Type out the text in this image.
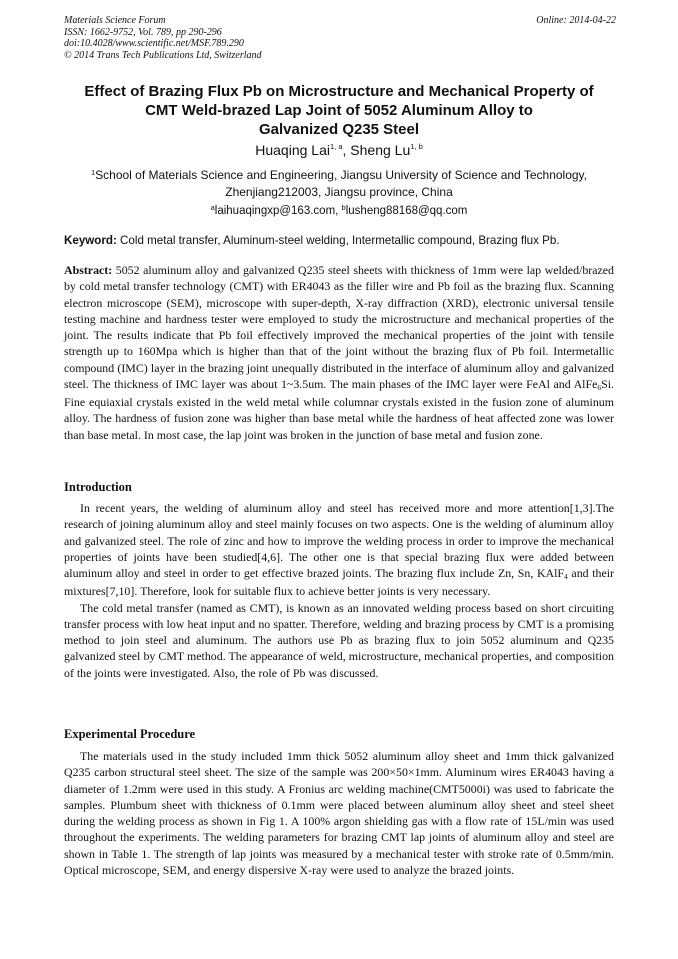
Materials Science Forum
ISSN: 1662-9752, Vol. 789, pp 290-296
doi:10.4028/www.scientific.net/MSF.789.290
© 2014 Trans Tech Publications Ltd, Switzerland
Online: 2014-04-22
Effect of Brazing Flux Pb on Microstructure and Mechanical Property of
CMT Weld-brazed Lap Joint of 5052 Aluminum Alloy to
Galvanized Q235 Steel
Huaqing Lai$^{1, a}$, Sheng Lu$^{1, b}$
$^1$School of Materials Science and Engineering, Jiangsu University of Science and Technology,
Zhenjiang212003, Jiangsu province, China
$^a$laihuaqingxp@163.com, $^b$lusheng88168@qq.com
Keyword: Cold metal transfer, Aluminum-steel welding, Intermetallic compound, Brazing flux Pb.
Abstract: 5052 aluminum alloy and galvanized Q235 steel sheets with thickness of 1mm were lap welded/brazed by cold metal transfer technology (CMT) with ER4043 as the filler wire and Pb foil as the brazing flux. Scanning electron microscope (SEM), microscope with super-depth, X-ray diffraction (XRD), electronic universal tensile testing machine and hardness tester were employed to study the microstructure and mechanical properties of the joint. The results indicate that Pb foil effectively improved the mechanical properties of the joint with tensile strength up to 160Mpa which is higher than that of the joint without the brazing flux of Pb foil. Intermetallic compound (IMC) layer in the brazing joint unequally distributed in the interface of aluminum alloy and galvanized steel. The thickness of IMC layer was about 1~3.5um. The main phases of the IMC layer were FeAl and AlFe$_6$Si. Fine equiaxial crystals existed in the weld metal while columnar crystals existed in the fusion zone of aluminum alloy. The hardness of fusion zone was higher than base metal while the hardness of heat affected zone was lower than base metal. In most case, the lap joint was broken in the junction of base metal and fusion zone.
Introduction

In recent years, the welding of aluminum alloy and steel has received more and more attention[1,3].The research of joining aluminum alloy and steel mainly focuses on two aspects. One is the welding of aluminum alloy and galvanized steel. The role of zinc and how to improve the welding process in order to improve the mechanical properties of joints have been studied[4,6]. The other one is that special brazing flux were added between aluminum alloy and steel in order to get effective brazed joints. The brazing flux include Zn, Sn, KAlF$_4$ and their mixtures[7,10]. Therefore, look for suitable flux to achieve better joints is very necessary.

The cold metal transfer (named as CMT), is known as an innovated welding process based on short circuiting transfer process with low heat input and no spatter. Therefore, welding and brazing process by CMT is a promising method to join steel and aluminum. The authors use Pb as brazing flux to join 5052 aluminum and Q235 galvanized steel by CMT method. The appearance of weld, microstructure, mechanical properties, and composition of the joints were investigated. Also, the role of Pb was discussed.

Experimental Procedure

The materials used in the study included 1mm thick 5052 aluminum alloy sheet and 1mm thick galvanized Q235 carbon structural steel sheet. The size of the sample was 200×50×1mm. Aluminum wires ER4043 having a diameter of 1.2mm were used in this study. A Fronius arc welding machine(CMT5000i) was used to fabricate the samples. Plumbum sheet with thickness of 0.1mm were placed between aluminum alloy sheet and steel sheet during the welding process as shown in Fig 1. A 100% argon shielding gas with a flow rate of 15L/min was used throughout the experiments. The welding parameters for brazing CMT lap joints of aluminum alloy and steel are shown in Table 1. The strength of lap joints was measured by a mechanical tester with stroke rate of 0.5mm/min. Optical microscope, SEM, and energy dispersive X-ray were used to analyze the brazed joints.
